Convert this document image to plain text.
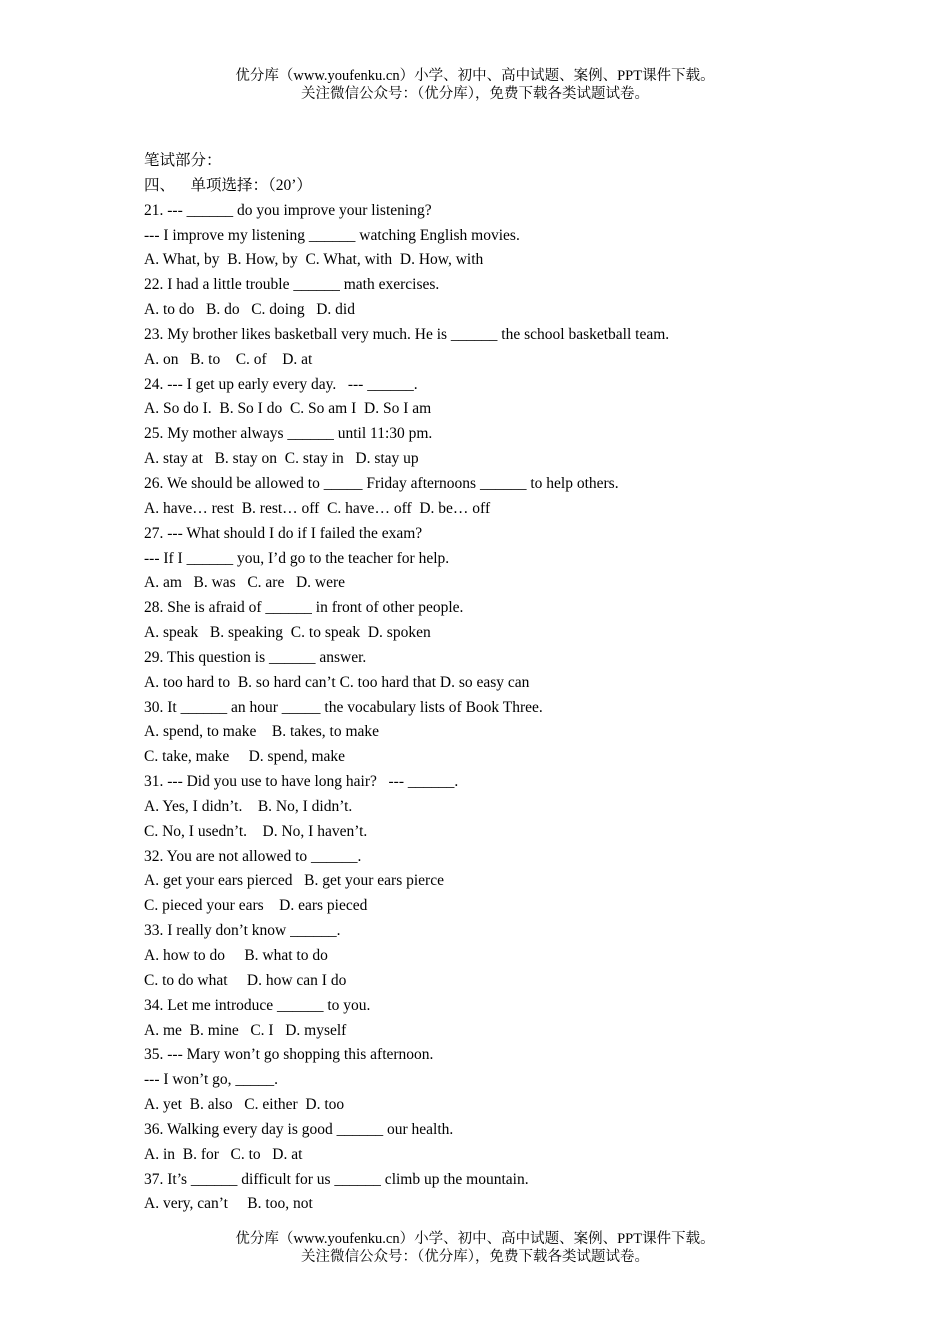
优分库（www.youfenku.cn）小学、初中、高中试题、案例、PPT课件下载。
关注微信公众号：（优分库），免费下载各类试题试卷。
笔试部分：
四、    单项选择：（20’）
21. --- ______ do you improve your listening?
--- I improve my listening ______ watching English movies.
A. What, by  B. How, by  C. What, with  D. How, with
22. I had a little trouble ______ math exercises.
A. to do   B. do   C. doing   D. did
23. My brother likes basketball very much. He is ______ the school basketball team.
A. on   B. to    C. of    D. at
24. --- I get up early every day.   --- ______.
A. So do I.  B. So I do  C. So am I  D. So I am
25. My mother always ______ until 11:30 pm.
A. stay at   B. stay on  C. stay in   D. stay up
26. We should be allowed to _____ Friday afternoons ______ to help others.
A. have… rest  B. rest… off  C. have… off  D. be… off
27. --- What should I do if I failed the exam?
--- If I ______ you, I’d go to the teacher for help.
A. am   B. was   C. are   D. were
28. She is afraid of ______ in front of other people.
A. speak   B. speaking  C. to speak  D. spoken
29. This question is ______ answer.
A. too hard to  B. so hard can’t C. too hard that D. so easy can
30. It ______ an hour _____ the vocabulary lists of Book Three.
A. spend, to make    B. takes, to make
C. take, make     D. spend, make
31. --- Did you use to have long hair?   --- ______.
A. Yes, I didn’t.    B. No, I didn’t.
C. No, I usedn’t.    D. No, I haven’t.
32. You are not allowed to ______.
A. get your ears pierced   B. get your ears pierce
C. pieced your ears    D. ears pieced
33. I really don’t know ______.
A. how to do     B. what to do
C. to do what     D. how can I do
34. Let me introduce ______ to you.
A. me  B. mine   C. I   D. myself
35. --- Mary won’t go shopping this afternoon.
--- I won’t go, _____.
A. yet  B. also   C. either  D. too
36. Walking every day is good ______ our health.
A. in  B. for   C. to   D. at
37. It’s ______ difficult for us ______ climb up the mountain.
A. very, can’t     B. too, not
优分库（www.youfenku.cn）小学、初中、高中试题、案例、PPT课件下载。
关注微信公众号：（优分库），免费下载各类试题试卷。
